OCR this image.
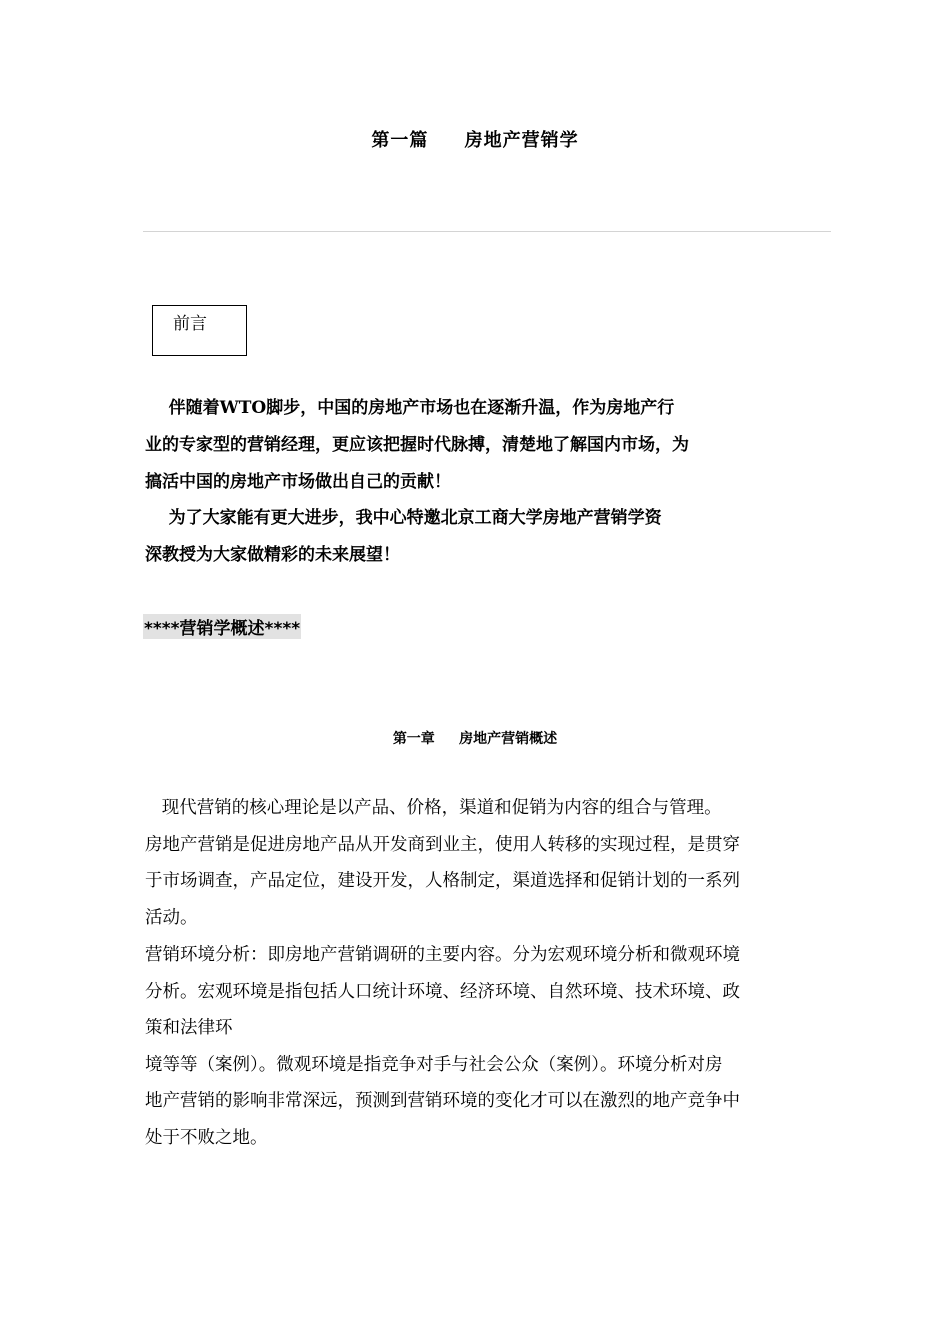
第一篇     房地产营销学
前言
伴随着WTO脚步，中国的房地产市场也在逐渐升温，作为房地产行
业的专家型的营销经理，更应该把握时代脉搏，清楚地了解国内市场，为
搞活中国的房地产市场做出自己的贡献！
为了大家能有更大进步，我中心特邀北京工商大学房地产营销学资
深教授为大家做精彩的未来展望！
****营销学概述****
第一章     房地产营销概述
现代营销的核心理论是以产品、价格，渠道和促销为内容的组合与管理。
房地产营销是促进房地产品从开发商到业主，使用人转移的实现过程，是贯穿
于市场调查，产品定位，建设开发，人格制定，渠道选择和促销计划的一系列
活动。
营销环境分析：即房地产营销调研的主要内容。分为宏观环境分析和微观环境
分析。宏观环境是指包括人口统计环境、经济环境、自然环境、技术环境、政
策和法律环
境等等（案例）。微观环境是指竞争对手与社会公众（案例）。环境分析对房
地产营销的影响非常深远，预测到营销环境的变化才可以在激烈的地产竞争中
处于不败之地。
